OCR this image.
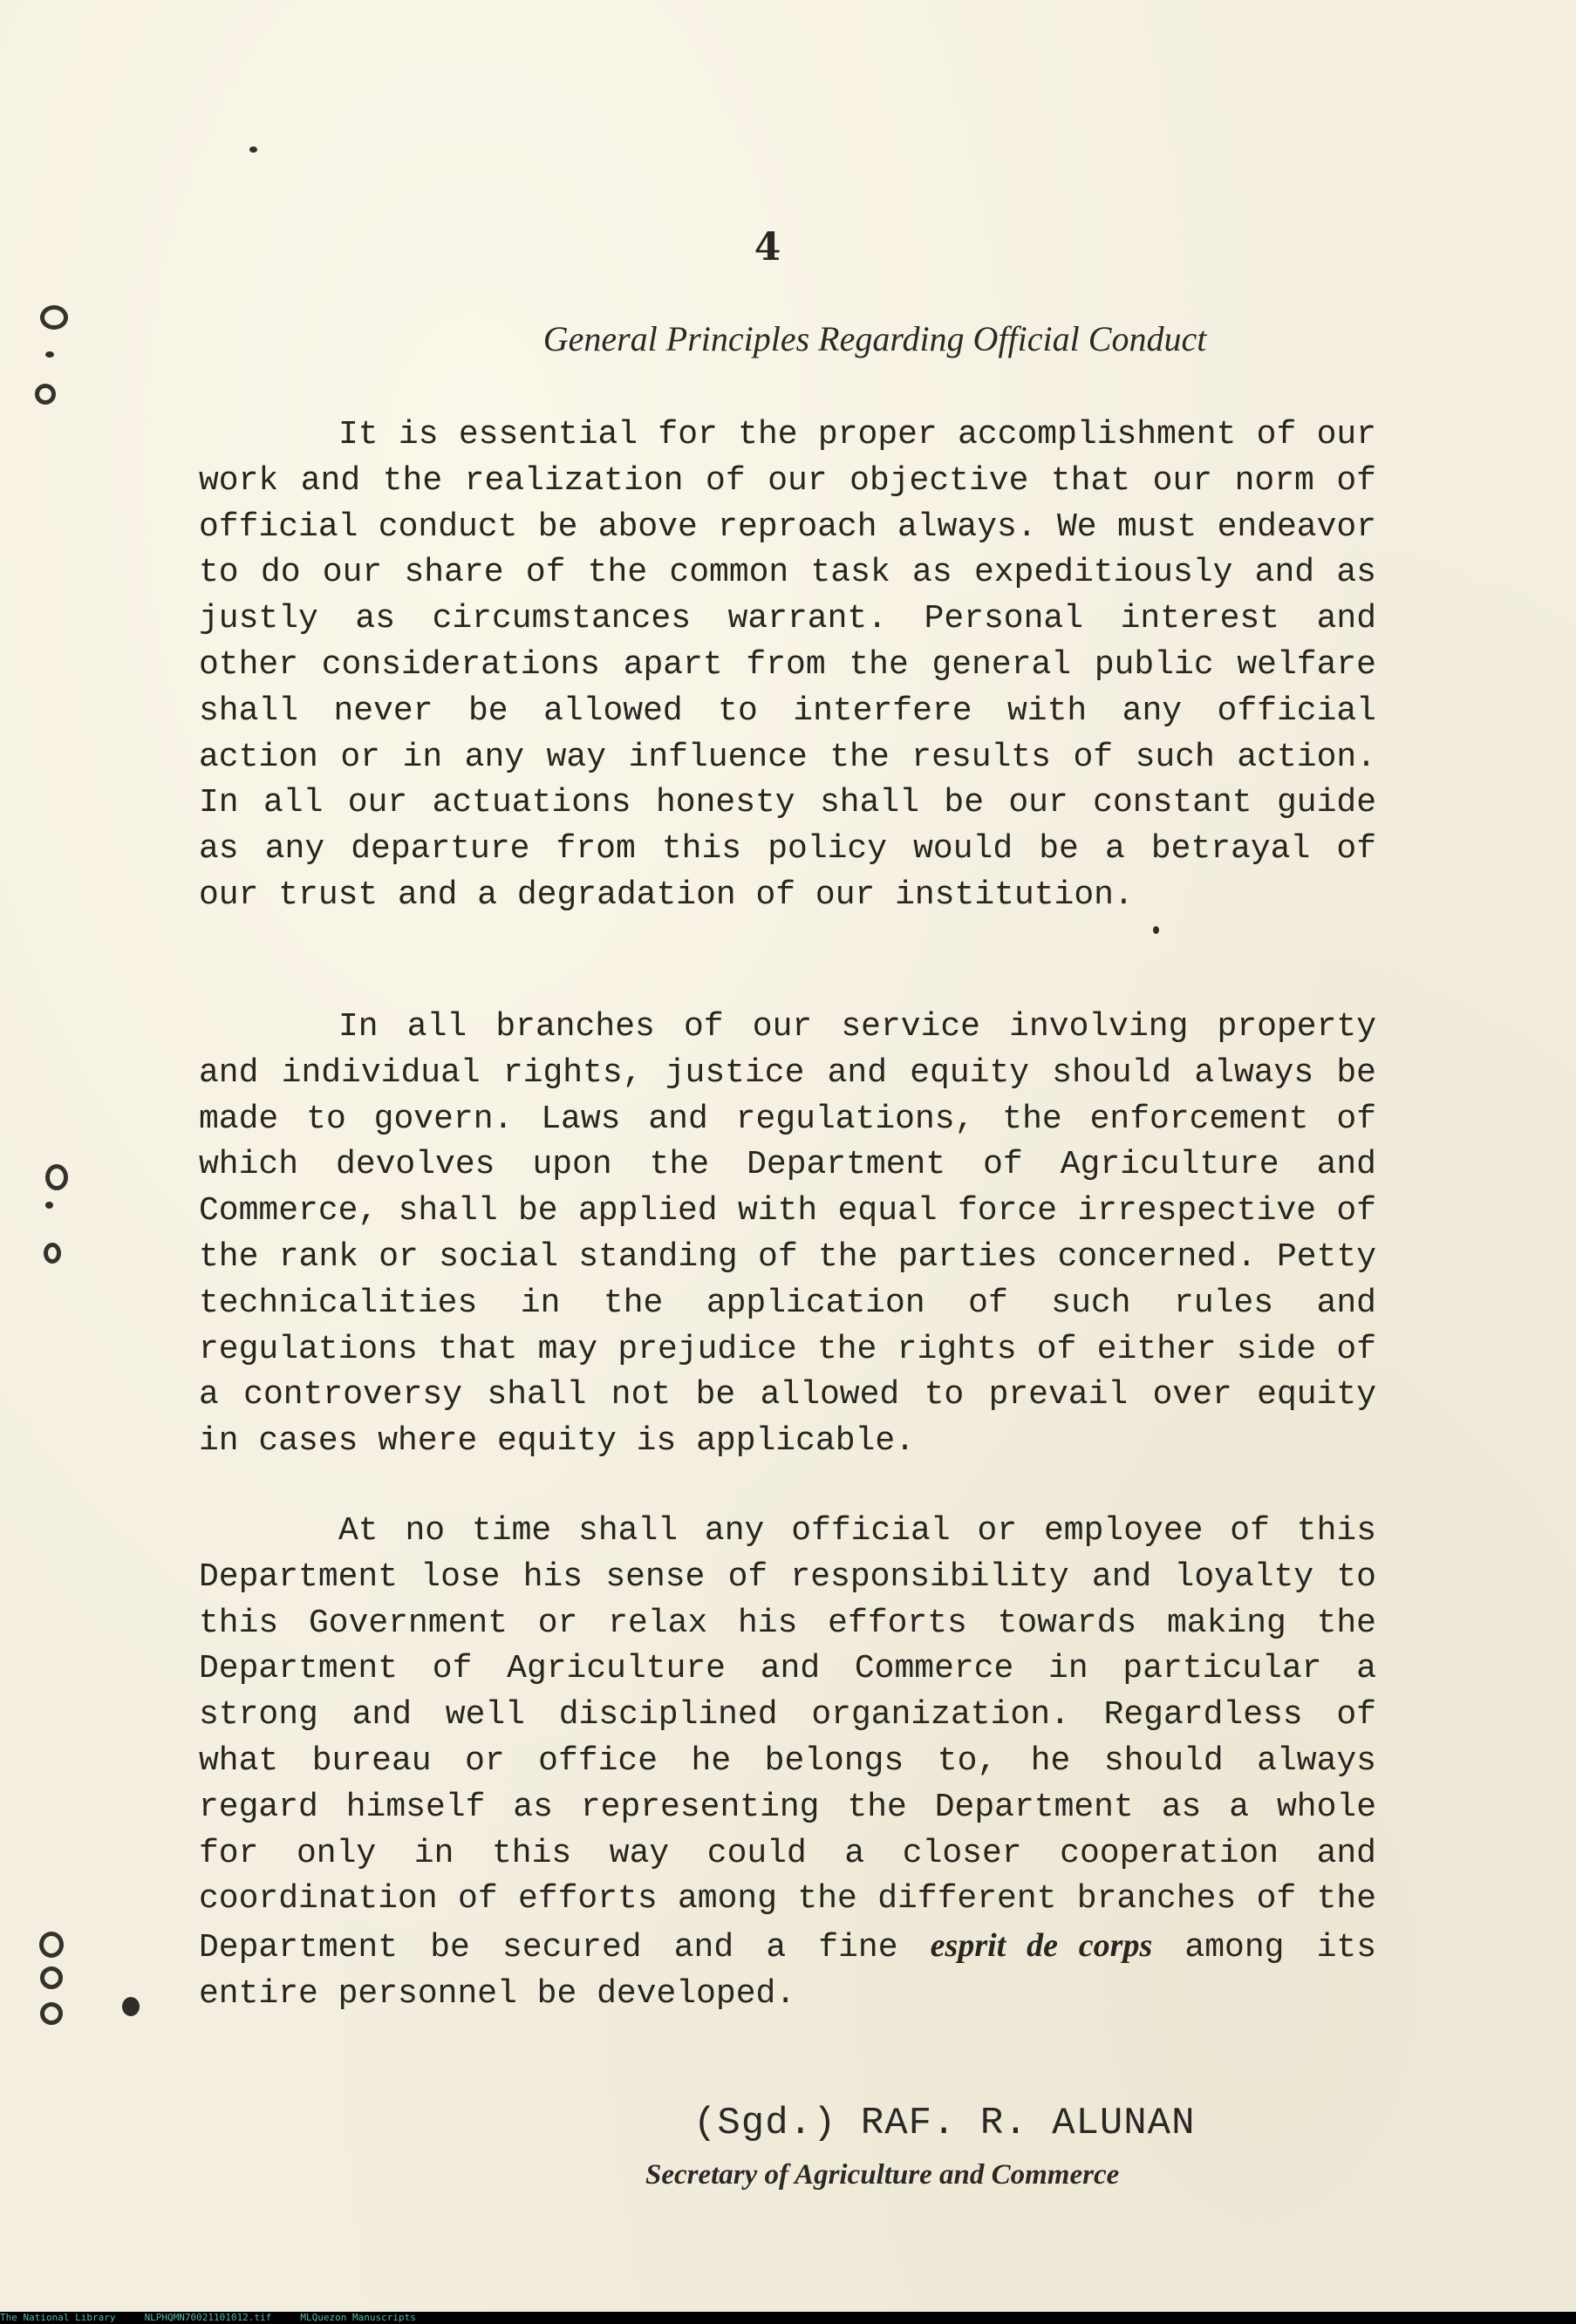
4
General Principles Regarding Official Conduct

It is essential for the proper accomplishment of our work and the realization of our objective that our norm of official conduct be above reproach always. We must endeavor to do our share of the common task as expeditiously and as justly as circumstances warrant. Personal interest and other considerations apart from the general public welfare shall never be allowed to interfere with any official action or in any way influence the results of such action. In all our actuations honesty shall be our constant guide as any departure from this policy would be a betrayal of our trust and a degradation of our institution.

In all branches of our service involving property and individual rights, justice and equity should always be made to govern. Laws and regulations, the enforcement of which devolves upon the Department of Agriculture and Commerce, shall be applied with equal force irrespective of the rank or social standing of the parties concerned. Petty technicalities in the application of such rules and regulations that may prejudice the rights of either side of a controversy shall not be allowed to prevail over equity in cases where equity is applicable.

At no time shall any official or employee of this Department lose his sense of responsibility and loyalty to this Government or relax his efforts towards making the Department of Agriculture and Commerce in particular a strong and well disciplined organization. Regardless of what bureau or office he belongs to, he should always regard himself as representing the Department as a whole for only in this way could a closer cooperation and coordination of efforts among the different branches of the Department be secured and a fine esprit de corps among its entire personnel be developed.

(Sgd.) RAF. R. ALUNAN
Secretary of Agriculture and Commerce
The National Library     NLPHQMN70021101012.tif     MLQuezon Manuscripts
